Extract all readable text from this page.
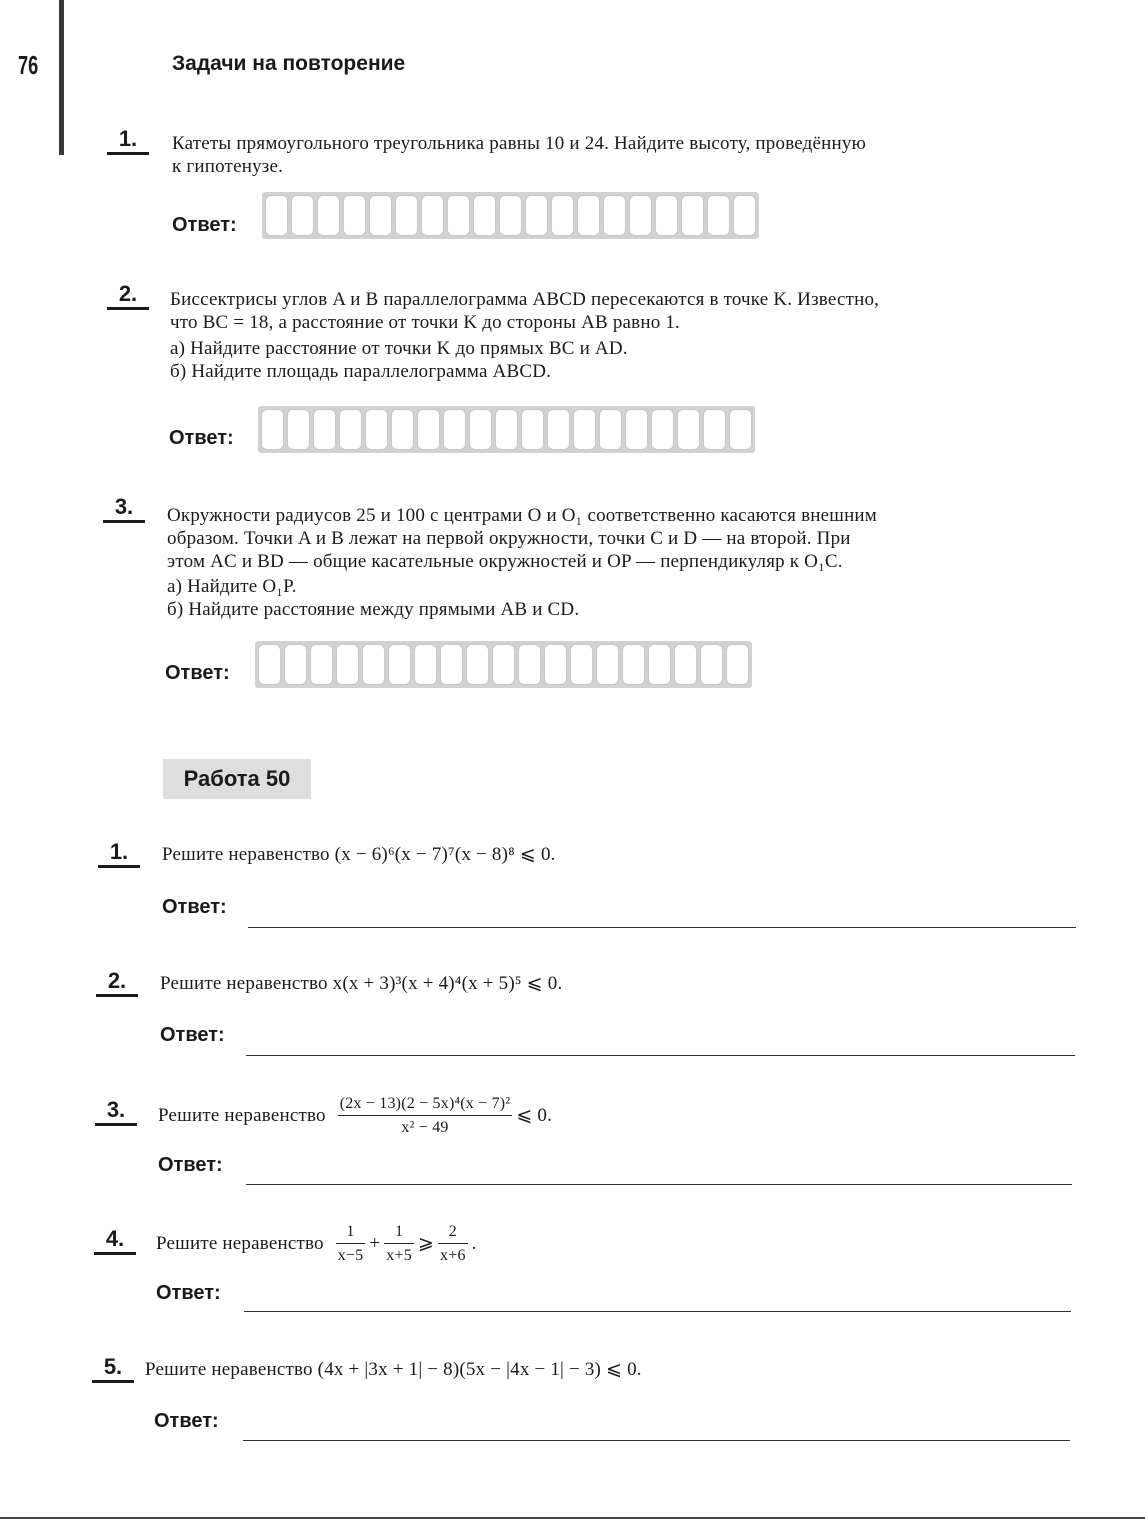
76	Задачи на повторение
1.	Катеты прямоугольного треугольника равны 10 и 24. Найдите высоту, проведённую

к гипотенузе.

Ответ:
2.	Биссектрисы углов A и B параллелограмма ABCD пересекаются в точке K. Известно,

что BC = 18, а расстояние от точки K до стороны AB равно 1.

а) Найдите расстояние от точки K до прямых BC и AD.

б) Найдите площадь параллелограмма ABCD.

Ответ:
3.	Окружности радиусов 25 и 100 с центрами O и O₁ соответственно касаются внешним

образом. Точки A и B лежат на первой окружности, точки C и D — на второй. При

этом AC и BD — общие касательные окружностей и OP — перпендикуляр к O₁C.

а) Найдите O₁P.

б) Найдите расстояние между прямыми AB и CD.

Ответ:
Работа 50
1.	Решите неравенство (x − 6)⁶(x − 7)⁷(x − 8)⁸ ⩽ 0.
Ответ:
2.	Решите неравенство x(x + 3)³(x + 4)⁴(x + 5)⁵ ⩽ 0.
Ответ:
3.	Решите неравенство $\frac{\text{(2x − 13)(2 − 5x)⁴(x − 7)²}}{\text{x² − 49}}$ ⩽ 0.
Ответ:
4.	Решите неравенство $\frac{1}{x-5} + \frac{1}{x+5}$ ⩾ $\frac{2}{x+6}$ .
Ответ:
5.	Решите неравенство (4x + |3x + 1| − 8)(5x − |4x − 1| − 3) ⩽ 0.
Ответ:
